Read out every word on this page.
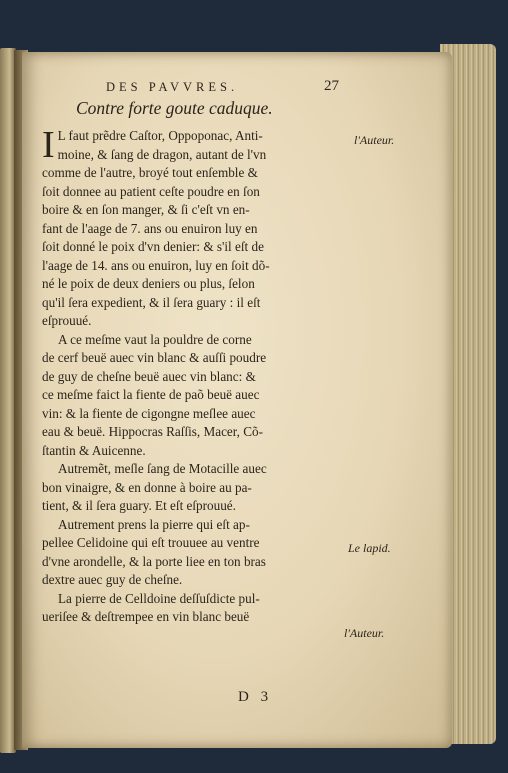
DES PAVVRES.	27
Contre forte goute caduque.
I L faut prẽdre Caſtor, Oppoponac, Anti-
moine, & ſang de dragon, autant de l'vn
comme de l'autre, broyé tout enſemble &
ſoit donnee au patient ceſte poudre en ſon
boire & en ſon manger, & ſi c'eſt vn en-
fant de l'aage de 7. ans ou enuiron luy en
ſoit donné le poix d'vn denier: & s'il eſt de
l'aage de 14. ans ou enuiron, luy en ſoit dõ-
né le poix de deux deniers ou plus, ſelon
qu'il ſera expedient, & il ſera guary : il eſt
eſprouué.
A ce meſme vaut la pouldre de corne
de cerf beuë auec vin blanc & auſſi poudre
de guy de cheſne beuë auec vin blanc: &
ce meſme faict la fiente de paõ beuë auec
vin: & la fiente de cigongne meſlee auec
eau & beuë. Hippocras Raſſis, Macer, Cõ-
ſtantin & Auicenne.
Autremẽt, meſle ſang de Motacille auec
bon vinaigre, & en donne à boire au pa-
tient, & il ſera guary. Et eſt eſprouué.
Autrement prens la pierre qui eſt ap-
pellee Celidoine qui eſt trouuee au ventre
d'vne arondelle, & la porte liee en ton bras
dextre auec guy de cheſne.
La pierre de Celldoine deſſuſdicte pul-
ueriſee & deſtrempee en vin blanc beuë
l'Auteur.
Le lapid.
l'Auteur.
D 3
